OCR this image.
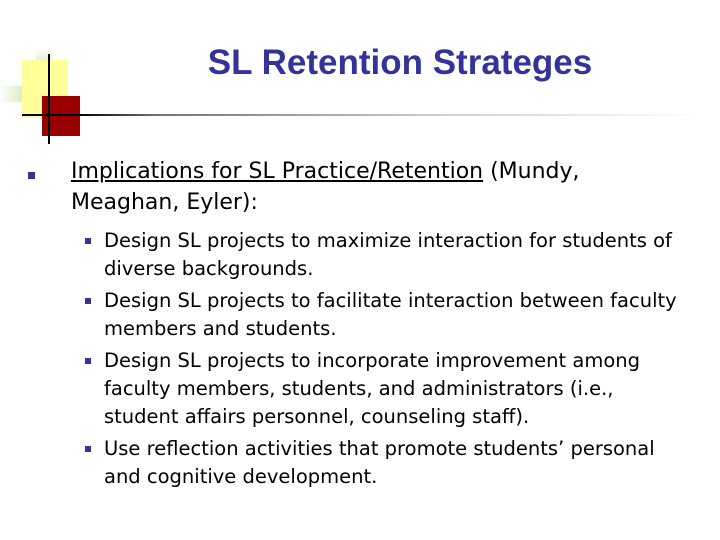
SL Retention Strateges

Implications for SL Practice/Retention (Mundy, Meaghan, Eyler):

Design SL projects to maximize interaction for students of diverse backgrounds.
Design SL projects to facilitate interaction between faculty members and students.
Design SL projects to incorporate improvement among faculty members, students, and administrators (i.e., student affairs personnel, counseling staff).
Use reflection activities that promote students’ personal and cognitive development.
